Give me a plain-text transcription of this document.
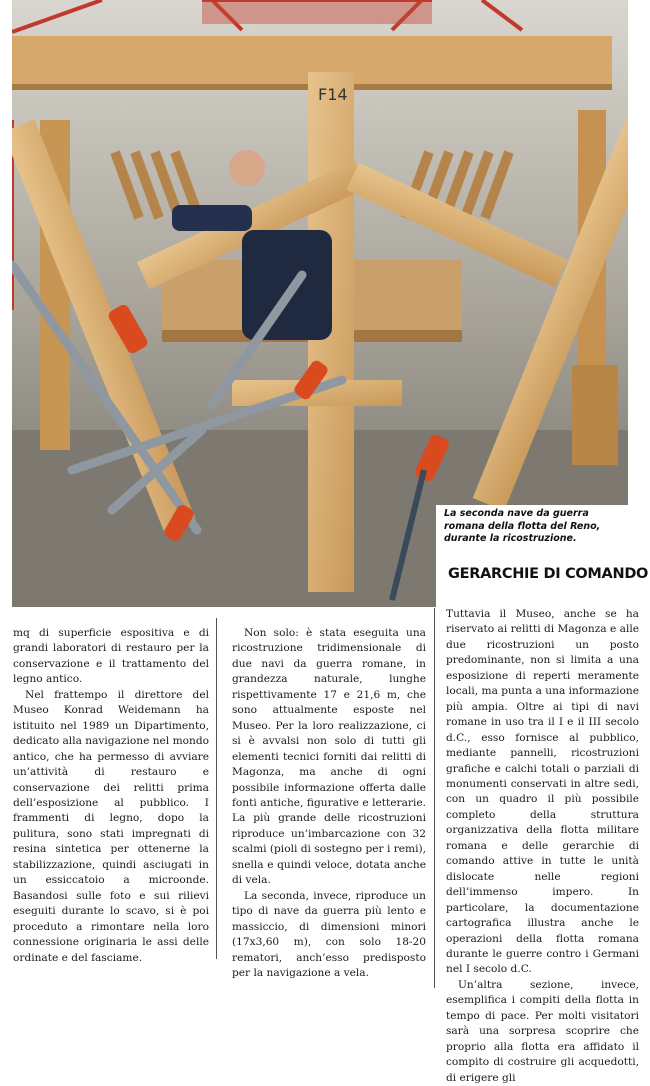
F14
La seconda nave da guerra romana della flotta del Reno, durante la ricostruzione.
GERARCHIE DI COMANDO

mq di superficie espositiva e di grandi laboratori di restauro per la conservazione e il trattamento del legno antico.

Nel frattempo il direttore del Museo Konrad Weidemann ha istituito nel 1989 un Dipartimento, dedicato alla navigazione nel mondo antico, che ha permesso di avviare un’attività di restauro e conservazione dei relitti prima dell’esposizione al pubblico. I frammenti di legno, dopo la pulitura, sono stati impregnati di resina sintetica per ottenerne la stabilizzazione, quindi asciugati in un essiccatoio a microonde. Basandosi sulle foto e sui rilievi eseguiti durante lo scavo, si è poi proceduto a rimontare nella loro connessione originaria le assi delle ordinate e del fasciame.

Non solo: è stata eseguita una ricostruzione tridimensionale di due navi da guerra romane, in grandezza naturale, lunghe rispettivamente 17 e 21,6 m, che sono attualmente esposte nel Museo. Per la loro realizzazione, ci si è avvalsi non solo di tutti gli elementi tecnici forniti dai relitti di Magonza, ma anche di ogni possibile informazione offerta dalle fonti antiche, figurative e letterarie. La più grande delle ricostruzioni riproduce un’imbarcazione con 32 scalmi (pioli di sostegno per i remi), snella e quindi veloce, dotata anche di vela.

La seconda, invece, riproduce un tipo di nave da guerra più lento e massiccio, di dimensioni minori (17x3,60 m), con solo 18-20 rematori, anch’esso predisposto per la navigazione a vela.

Tuttavia il Museo, anche se ha riservato ai relitti di Magonza e alle due ricostruzioni un posto predominante, non si limita a una esposizione di reperti meramente locali, ma punta a una informazione più ampia. Oltre ai tipi di navi romane in uso tra il I e il III secolo d.C., esso fornisce al pubblico, mediante pannelli, ricostruzioni grafiche e calchi totali o parziali di monumenti conservati in altre sedi, con un quadro il più possibile completo della struttura organizzativa della flotta militare romana e delle gerarchie di comando attive in tutte le unità dislocate nelle regioni dell’immenso impero. In particolare, la documentazione cartografica illustra anche le operazioni della flotta romana durante le guerre contro i Germani nel I secolo d.C.

Un’altra sezione, invece, esemplifica i compiti della flotta in tempo di pace. Per molti visitatori sarà una sorpresa scoprire che proprio alla flotta era affidato il compito di costruire gli acquedotti, di erigere gli
